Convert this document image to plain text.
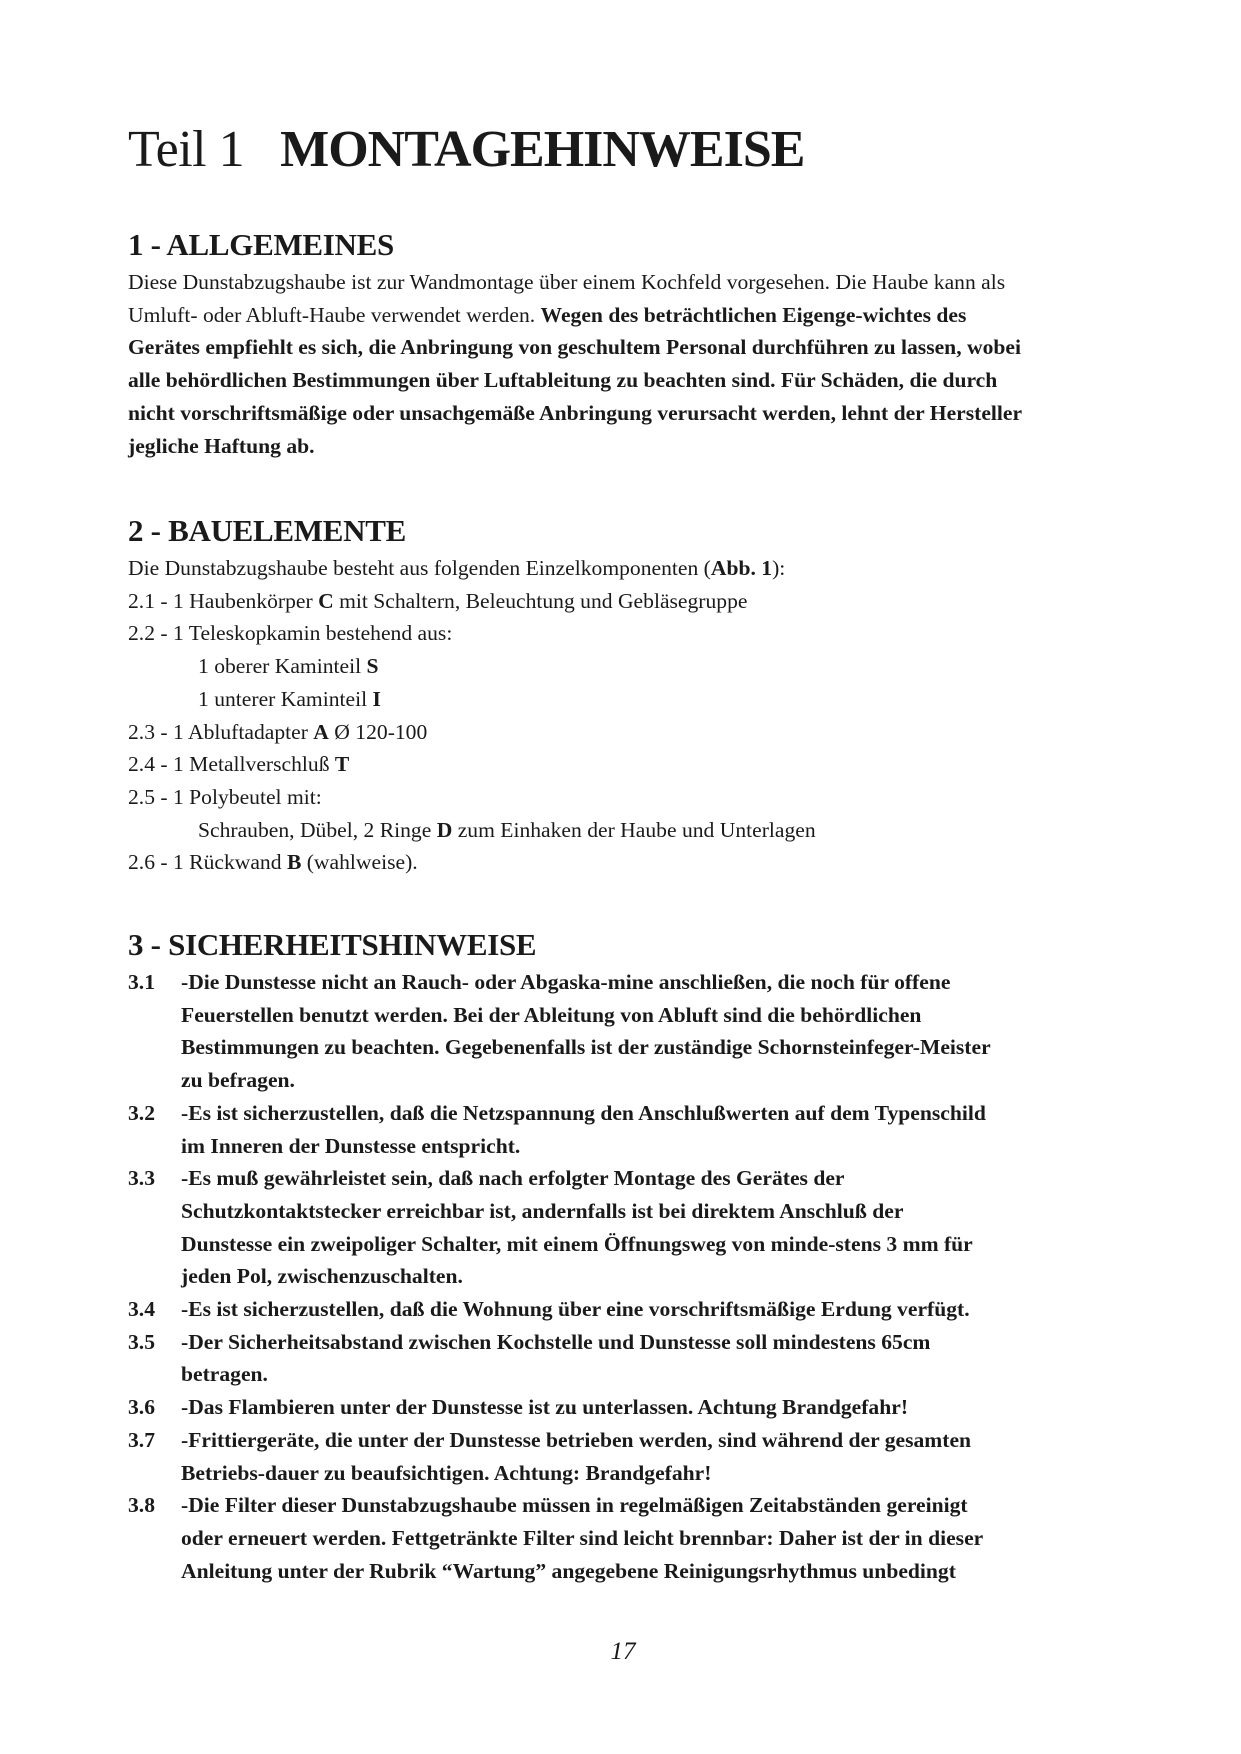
Teil 1 MONTAGEHINWEISE
1 - ALLGEMEINES
Diese Dunstabzugshaube ist zur Wandmontage über einem Kochfeld vorgesehen. Die Haube kann als
Umluft- oder Abluft-Haube verwendet werden. Wegen des beträchtlichen Eigenge-wichtes des
Gerätes empfiehlt es sich, die Anbringung von geschultem Personal durchführen zu lassen, wobei
alle behördlichen Bestimmungen über Luftableitung zu beachten sind. Für Schäden, die durch
nicht vorschriftsmäßige oder unsachgemäße Anbringung verursacht werden, lehnt der Hersteller
jegliche Haftung ab.
2 - BAUELEMENTE
Die Dunstabzugshaube besteht aus folgenden Einzelkomponenten (Abb. 1):
2.1 - 1 Haubenkörper C mit Schaltern, Beleuchtung und Gebläsegruppe
2.2 - 1 Teleskopkamin bestehend aus:
1 oberer Kaminteil S
1 unterer Kaminteil I
2.3 - 1 Abluftadapter A Ø 120-100
2.4 - 1 Metallverschluß T
2.5 - 1 Polybeutel mit:
Schrauben, Dübel, 2 Ringe D zum Einhaken der Haube und Unterlagen
2.6 - 1 Rückwand B (wahlweise).
3 - SICHERHEITSHINWEISE
3.1 -Die Dunstesse nicht an Rauch- oder Abgaska-mine anschließen, die noch für offene
Feuerstellen benutzt werden. Bei der Ableitung von Abluft sind die behördlichen
Bestimmungen zu beachten. Gegebenenfalls ist der zuständige Schornsteinfeger-Meister
zu befragen.
3.2 -Es ist sicherzustellen, daß die Netzspannung den Anschlußwerten auf dem Typenschild
im Inneren der Dunstesse entspricht.
3.3 -Es muß gewährleistet sein, daß nach erfolgter Montage des Gerätes der
Schutzkontaktstecker erreichbar ist, andernfalls ist bei direktem Anschluß der
Dunstesse ein zweipoliger Schalter, mit einem Öffnungsweg von minde-stens 3 mm für
jeden Pol, zwischenzuschalten.
3.4 -Es ist sicherzustellen, daß die Wohnung über eine vorschriftsmäßige Erdung verfügt.
3.5 -Der Sicherheitsabstand zwischen Kochstelle und Dunstesse soll mindestens 65cm
betragen.
3.6 -Das Flambieren unter der Dunstesse ist zu unterlassen. Achtung Brandgefahr!
3.7 -Frittiergeräte, die unter der Dunstesse betrieben werden, sind während der gesamten
Betriebs-dauer zu beaufsichtigen. Achtung: Brandgefahr!
3.8 -Die Filter dieser Dunstabzugshaube müssen in regelmäßigen Zeitabständen gereinigt
oder erneuert werden. Fettgetränkte Filter sind leicht brennbar: Daher ist der in dieser
Anleitung unter der Rubrik “Wartung” angegebene Reinigungsrhythmus unbedingt
17
